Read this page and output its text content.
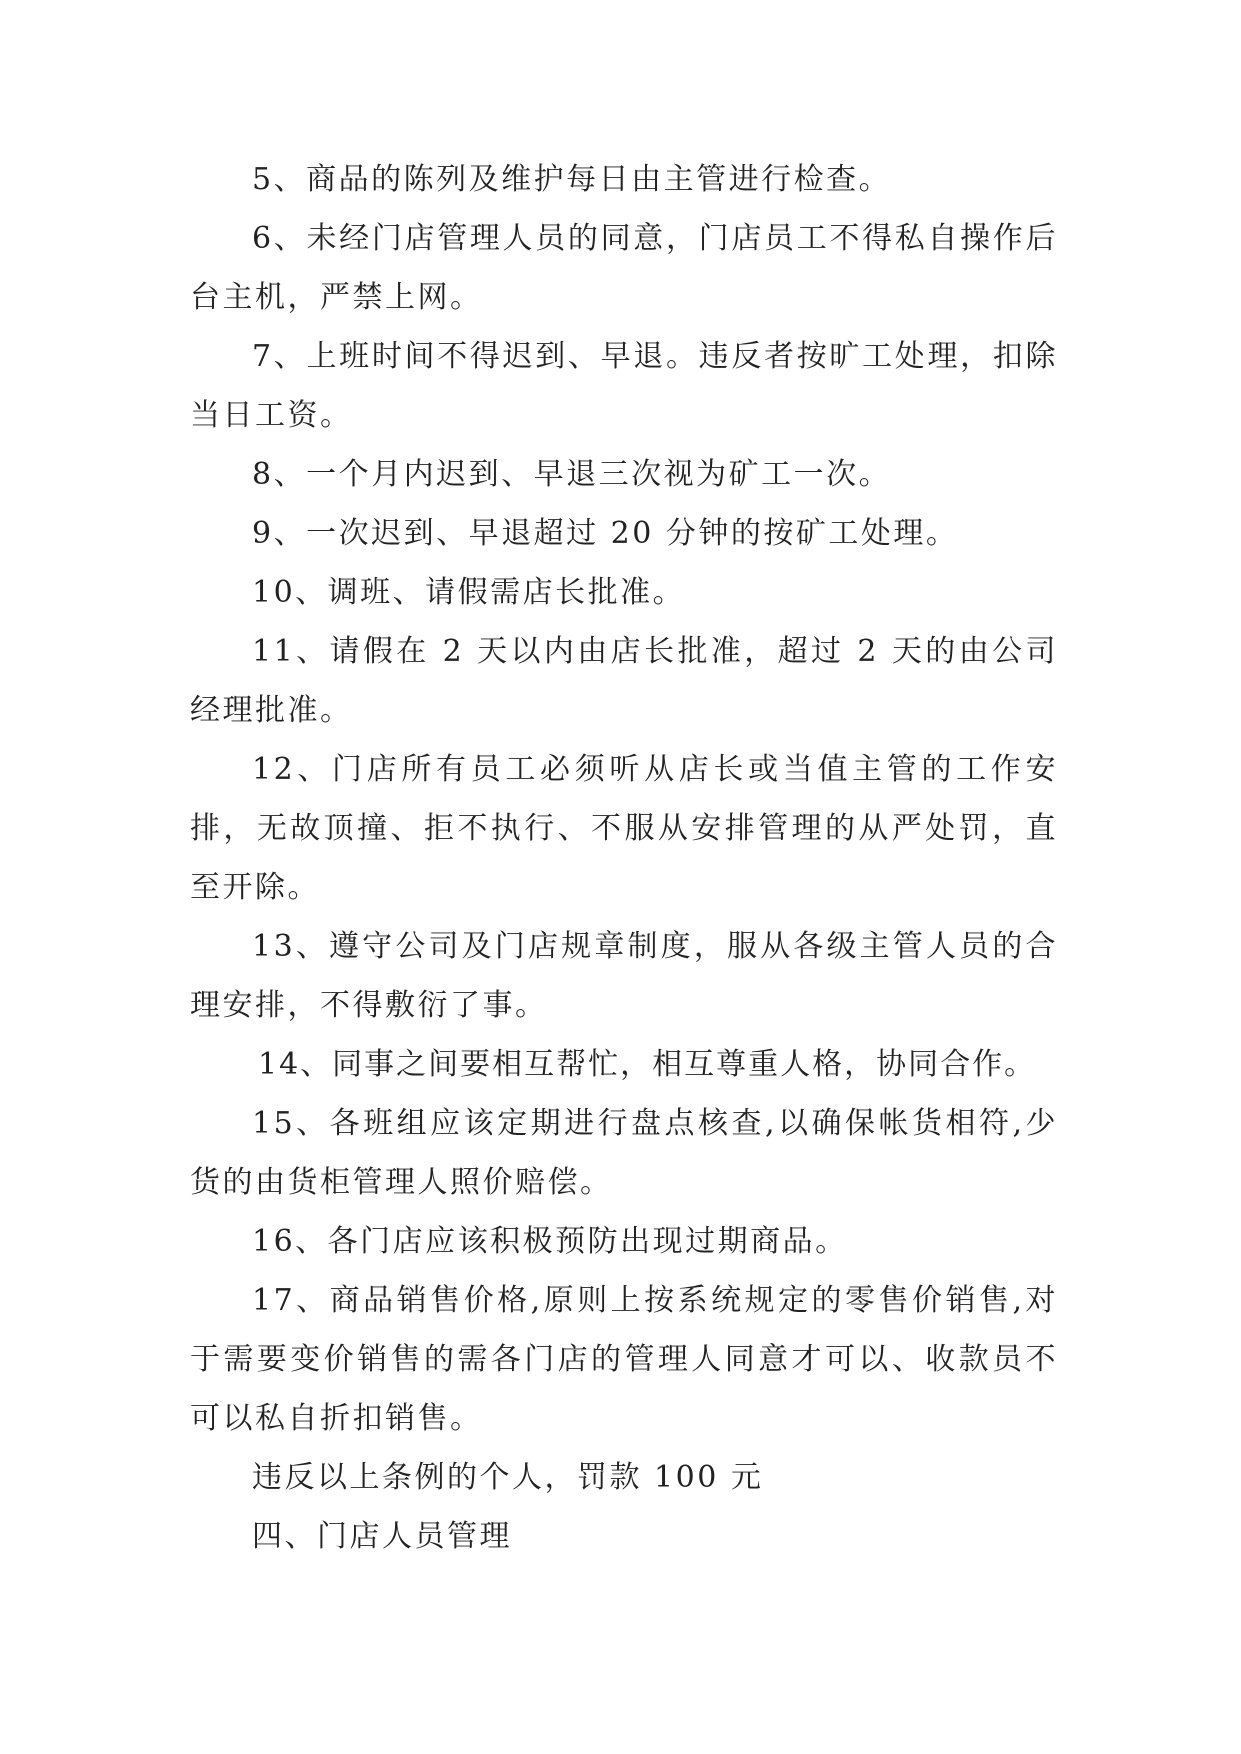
5、商品的陈列及维护每日由主管进行检查。

6、未经门店管理人员的同意，门店员工不得私自操作后台主机，严禁上网。

7、上班时间不得迟到、早退。违反者按旷工处理，扣除当日工资。

8、一个月内迟到、早退三次视为矿工一次。

9、一次迟到、早退超过 20 分钟的按矿工处理。

10、调班、请假需店长批准。

11、请假在 2 天以内由店长批准，超过 2 天的由公司经理批准。

12、门店所有员工必须听从店长或当值主管的工作安排，无故顶撞、拒不执行、不服从安排管理的从严处罚，直至开除。

13、遵守公司及门店规章制度，服从各级主管人员的合理安排，不得敷衍了事。

14、同事之间要相互帮忙，相互尊重人格，协同合作。

15、各班组应该定期进行盘点核查,以确保帐货相符,少货的由货柜管理人照价赔偿。

16、各门店应该积极预防出现过期商品。

17、商品销售价格,原则上按系统规定的零售价销售,对于需要变价销售的需各门店的管理人同意才可以、收款员不可以私自折扣销售。

违反以上条例的个人，罚款 100 元

四、门店人员管理
